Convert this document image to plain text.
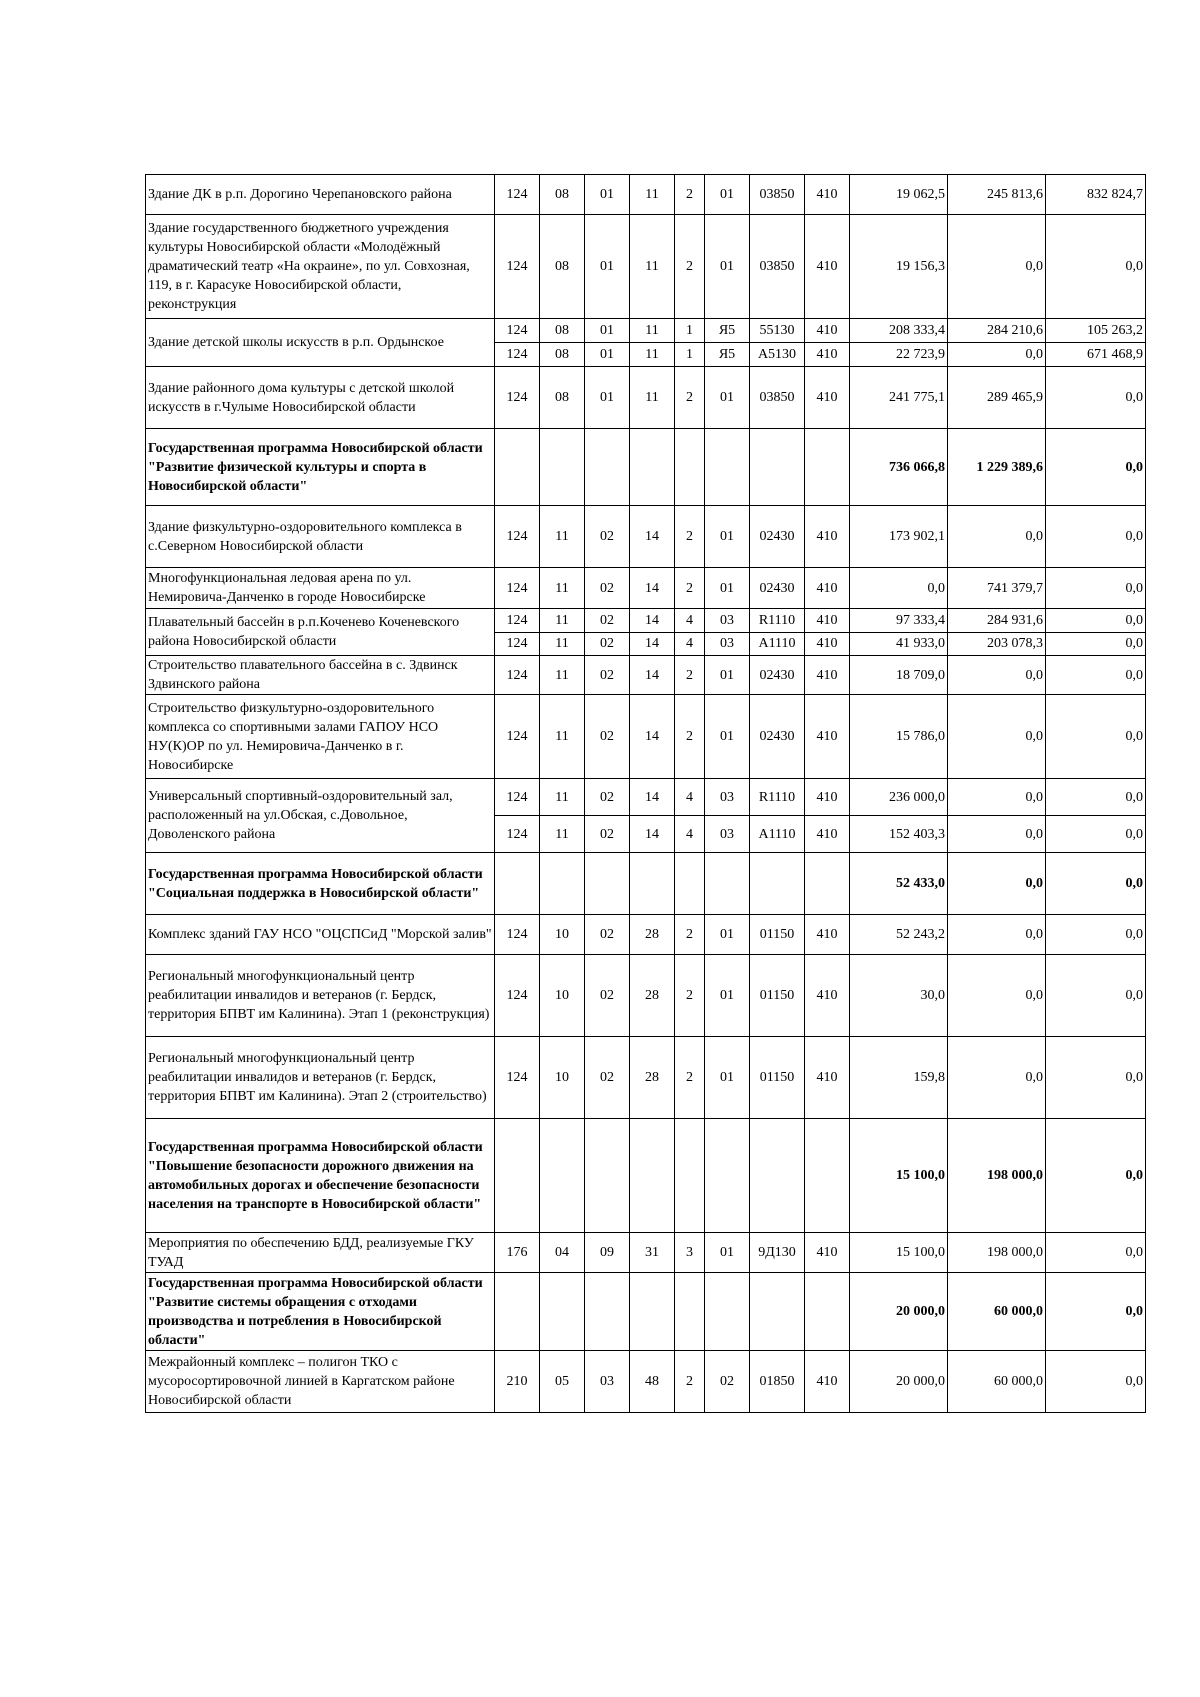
Здание ДК в р.п. Дорогино Черепановского района	124	08	01	11	2	01	03850	410	19 062,5	245 813,6	832 824,7
Здание государственного бюджетного учреждения культуры Новосибирской области «Молодёжный драматический театр «На окраине», по ул. Совхозная, 119, в г. Карасуке Новосибирской области, реконструкция	124	08	01	11	2	01	03850	410	19 156,3	0,0	0,0
Здание детской школы искусств в р.п. Ордынское	124	08	01	11	1	Я5	55130	410	208 333,4	284 210,6	105 263,2
	124	08	01	11	1	Я5	А5130	410	22 723,9	0,0	671 468,9
Здание районного дома культуры с детской школой искусств в г.Чулыме Новосибирской области	124	08	01	11	2	01	03850	410	241 775,1	289 465,9	0,0
Государственная программа Новосибирской области "Развитие физической культуры и спорта в Новосибирской области"									736 066,8	1 229 389,6	0,0
Здание физкультурно-оздоровительного комплекса в с.Северном Новосибирской области	124	11	02	14	2	01	02430	410	173 902,1	0,0	0,0
Многофункциональная ледовая арена по ул. Немировича-Данченко в городе Новосибирске	124	11	02	14	2	01	02430	410	0,0	741 379,7	0,0
Плавательный бассейн в р.п.Коченево Коченевского района Новосибирской области	124	11	02	14	4	03	R1110	410	97 333,4	284 931,6	0,0
	124	11	02	14	4	03	А1110	410	41 933,0	203 078,3	0,0
Строительство плавательного бассейна в с. Здвинск Здвинского района	124	11	02	14	2	01	02430	410	18 709,0	0,0	0,0
Строительство физкультурно-оздоровительного комплекса со спортивными залами ГАПОУ НСО НУ(К)ОР по ул. Немировича-Данченко в г. Новосибирске	124	11	02	14	2	01	02430	410	15 786,0	0,0	0,0
Универсальный спортивный-оздоровительный зал, расположенный на ул.Обская, с.Довольное, Доволенского района	124	11	02	14	4	03	R1110	410	236 000,0	0,0	0,0
	124	11	02	14	4	03	А1110	410	152 403,3	0,0	0,0
Государственная программа Новосибирской области "Социальная поддержка в Новосибирской области"									52 433,0	0,0	0,0
Комплекс зданий ГАУ НСО "ОЦСПСиД "Морской залив"	124	10	02	28	2	01	01150	410	52 243,2	0,0	0,0
Региональный многофункциональный центр реабилитации инвалидов и ветеранов (г. Бердск, территория БПВТ им Калинина). Этап 1 (реконструкция)	124	10	02	28	2	01	01150	410	30,0	0,0	0,0
Региональный многофункциональный центр реабилитации инвалидов и ветеранов (г. Бердск, территория БПВТ им Калинина). Этап 2 (строительство)	124	10	02	28	2	01	01150	410	159,8	0,0	0,0
Государственная программа Новосибирской области "Повышение безопасности дорожного движения на автомобильных дорогах и обеспечение безопасности населения на транспорте в Новосибирской области"									15 100,0	198 000,0	0,0
Мероприятия по обеспечению БДД, реализуемые ГКУ ТУАД	176	04	09	31	3	01	9Д130	410	15 100,0	198 000,0	0,0
Государственная программа Новосибирской области "Развитие системы обращения с отходами производства и потребления в Новосибирской области"									20 000,0	60 000,0	0,0
Межрайонный комплекс – полигон ТКО с мусоросортировочной линией в Каргатском районе Новосибирской области	210	05	03	48	2	02	01850	410	20 000,0	60 000,0	0,0
